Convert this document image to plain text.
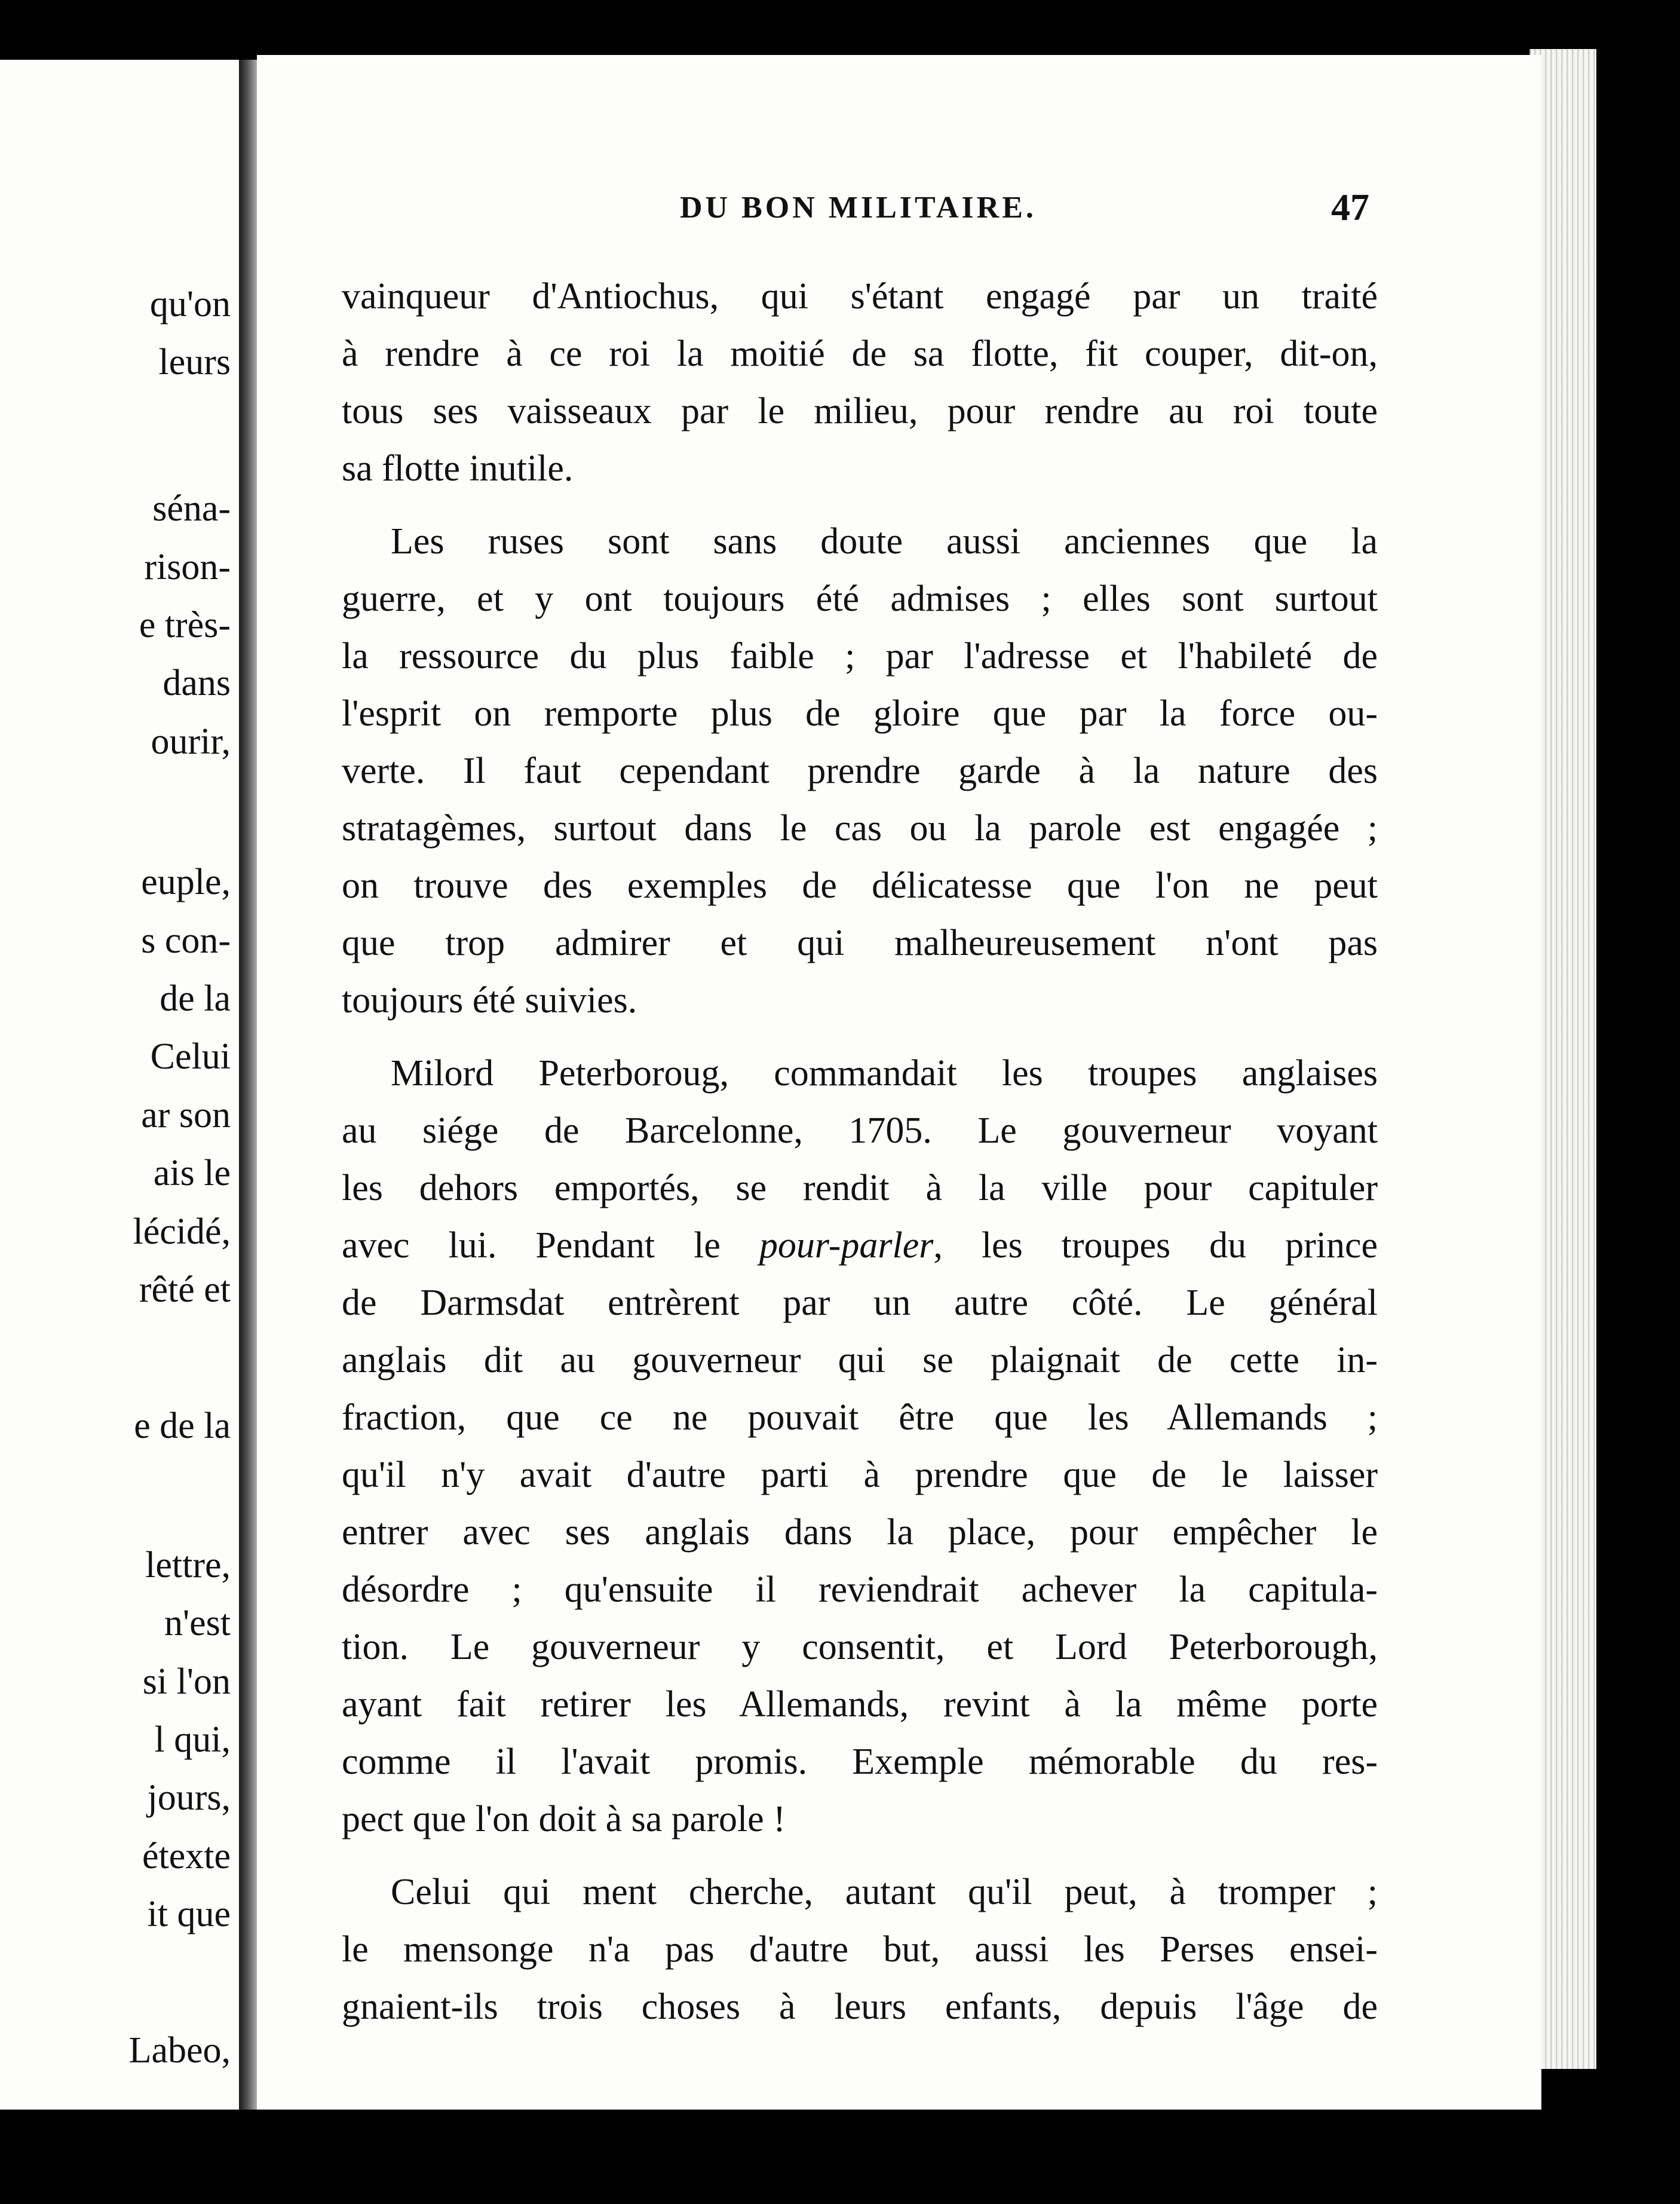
qu'on
leurs
séna-
rison-
e très-
dans
ourir,
euple,
s con-
de la
Celui
ar son
ais le
lécidé,
rêté et
e de la
lettre,
n'est
si l'on
l qui,
jours,
étexte
it que
Labeo,
DU BON MILITAIRE.	47
vainqueur d'Antiochus, qui s'étant engagé par un traité
à rendre à ce roi la moitié de sa flotte, fit couper, dit-on,
tous ses vaisseaux par le milieu, pour rendre au roi toute
sa flotte inutile.
Les ruses sont sans doute aussi anciennes que la
guerre, et y ont toujours été admises ; elles sont surtout
la ressource du plus faible ; par l'adresse et l'habileté de
l'esprit on remporte plus de gloire que par la force ou-
verte. Il faut cependant prendre garde à la nature des
stratagèmes, surtout dans le cas ou la parole est engagée ;
on trouve des exemples de délicatesse que l'on ne peut
que trop admirer et qui malheureusement n'ont pas
toujours été suivies.
Milord Peterboroug, commandait les troupes anglaises
au siége de Barcelonne, 1705. Le gouverneur voyant
les dehors emportés, se rendit à la ville pour capituler
avec lui. Pendant le pour-parler, les troupes du prince
de Darmsdat entrèrent par un autre côté. Le général
anglais dit au gouverneur qui se plaignait de cette in-
fraction, que ce ne pouvait être que les Allemands ;
qu'il n'y avait d'autre parti à prendre que de le laisser
entrer avec ses anglais dans la place, pour empêcher le
désordre ; qu'ensuite il reviendrait achever la capitula-
tion. Le gouverneur y consentit, et Lord Peterborough,
ayant fait retirer les Allemands, revint à la même porte
comme il l'avait promis. Exemple mémorable du res-
pect que l'on doit à sa parole !
Celui qui ment cherche, autant qu'il peut, à tromper ;
le mensonge n'a pas d'autre but, aussi les Perses ensei-
gnaient-ils trois choses à leurs enfants, depuis l'âge de
